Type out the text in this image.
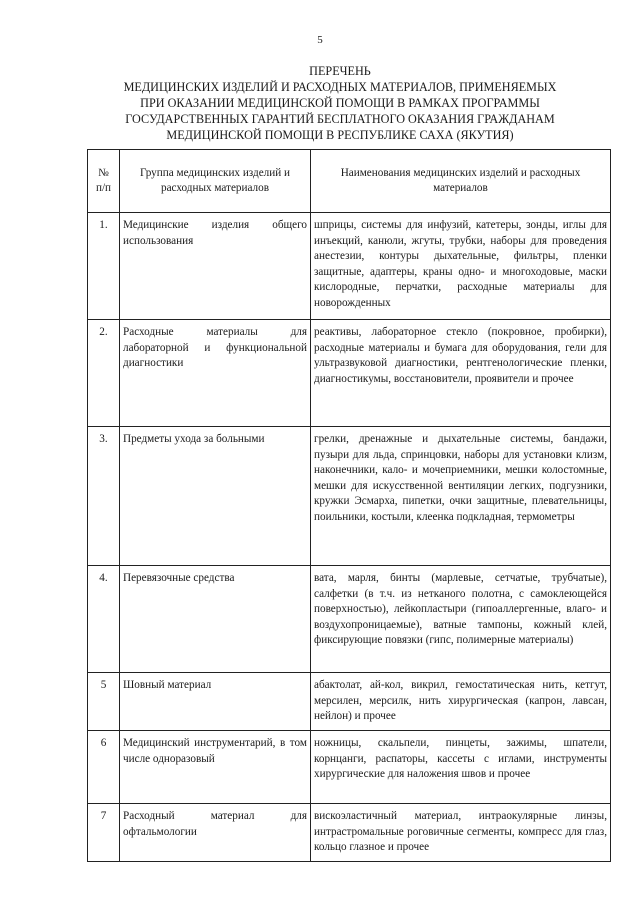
5
ПЕРЕЧЕНЬ
МЕДИЦИНСКИХ ИЗДЕЛИЙ И РАСХОДНЫХ МАТЕРИАЛОВ, ПРИМЕНЯЕМЫХ
ПРИ ОКАЗАНИИ МЕДИЦИНСКОЙ ПОМОЩИ В РАМКАХ ПРОГРАММЫ
ГОСУДАРСТВЕННЫХ ГАРАНТИЙ БЕСПЛАТНОГО ОКАЗАНИЯ ГРАЖДАНАМ
МЕДИЦИНСКОЙ ПОМОЩИ В РЕСПУБЛИКЕ САХА (ЯКУТИЯ)
№ п/п	Группа медицинских изделий и расходных материалов	Наименования медицинских изделий и расходных материалов
1.	Медицинские изделия общего использования	шприцы, системы для инфузий, катетеры, зонды, иглы для инъекций, канюли, жгуты, трубки, наборы для проведения анестезии, контуры дыхательные, фильтры, пленки защитные, адаптеры, краны одно- и многоходовые, маски кислородные, перчатки, расходные материалы для новорожденных
2.	Расходные материалы для лабораторной и функциональной диагностики	реактивы, лабораторное стекло (покровное, пробирки), расходные материалы и бумага для оборудования, гели для ультразвуковой диагностики, рентгенологические пленки, диагностикумы, восстановители, проявители и прочее
3.	Предметы ухода за больными	грелки, дренажные и дыхательные системы, бандажи, пузыри для льда, спринцовки, наборы для установки клизм, наконечники, кало- и мочеприемники, мешки колостомные, мешки для искусственной вентиляции легких, подгузники, кружки Эсмарха, пипетки, очки защитные, плевательницы, поильники, костыли, клеенка подкладная, термометры
4.	Перевязочные средства	вата, марля, бинты (марлевые, сетчатые, трубчатые), салфетки (в т.ч. из нетканого полотна, с самоклеющейся поверхностью), лейкопластыри (гипоаллергенные, влаго- и воздухопроницаемые), ватные тампоны, кожный клей, фиксирующие повязки (гипс, полимерные материалы)
5	Шовный материал	абактолат, ай-кол, викрил, гемостатическая нить, кетгут, мерсилен, мерсилк, нить хирургическая (капрон, лавсан, нейлон) и прочее
6	Медицинский инструментарий, в том числе одноразовый	ножницы, скальпели, пинцеты, зажимы, шпатели, корнцанги, распаторы, кассеты с иглами, инструменты хирургические для наложения швов и прочее
7	Расходный материал для офтальмологии	вискоэластичный материал, интраокулярные линзы, интрастромальные роговичные сегменты, компресс для глаз, кольцо глазное и прочее
